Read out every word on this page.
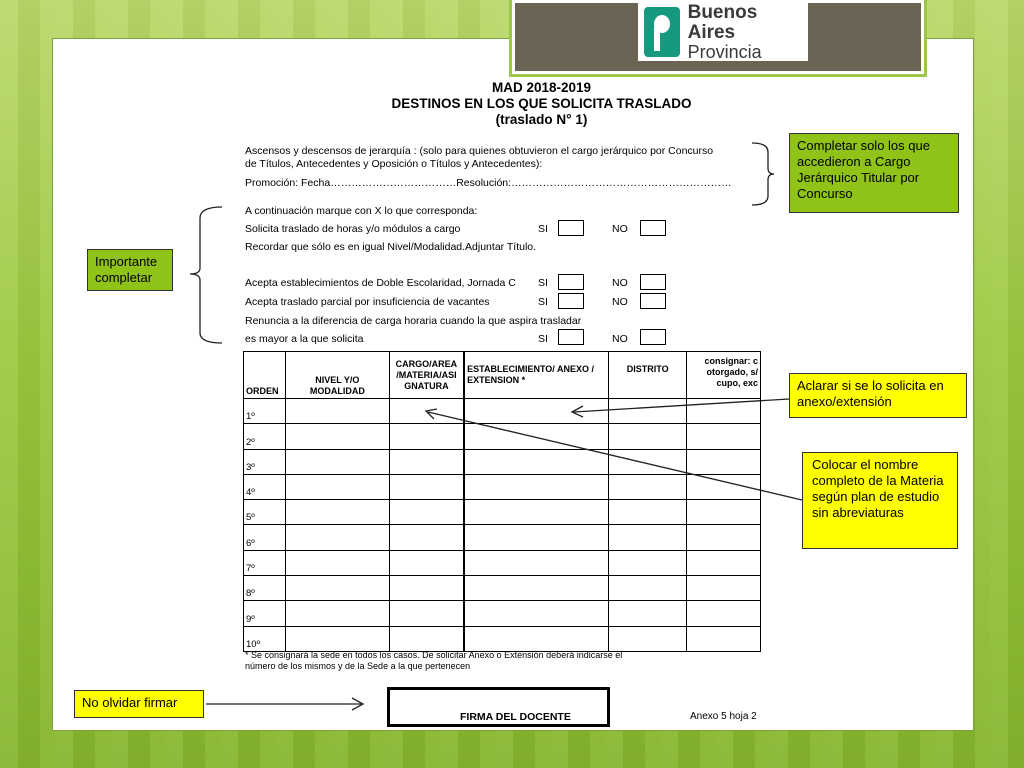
Buenos Aires
Provincia
MAD 2018-2019
DESTINOS EN LOS QUE SOLICITA TRASLADO
(traslado N° 1)
Ascensos y descensos de jerarquía : (solo para quienes obtuvieron el cargo jerárquico por Concurso
de Títulos, Antecedentes y Oposición o Títulos y Antecedentes):
Promoción: Fecha………………………………Resolución:………………………………………………………
A continuación marque con X lo que corresponda:
Solicita traslado de horas y/o módulos a cargo	SI	NO
Recordar que sólo es en igual Nivel/Modalidad.Adjuntar Título.
Acepta establecimientos de Doble Escolaridad, Jornada C SI	NO
Acepta traslado parcial por insuficiencia de vacantes	SI	NO
Renuncia a la diferencia de carga horaria cuando la que aspira trasladar
es mayor a la que solicita	SI	NO
ORDEN	NIVEL Y/O MODALIDAD	CARGO/AREA /MATERIA/ASI GNATURA	ESTABLECIMIENTO/ ANEXO / EXTENSION *	DISTRITO	consignar: c otorgado, s/ cupo, exc
1º					
2º					
3º					
4º					
5º					
6º					
7º					
8º					
9º					
10º					
* Se consignará la sede en todos los casos. De solicitar Anexo o Extensión deberá indicarse el
número de los mismos y de la Sede a la que pertenecen
FIRMA DEL DOCENTE	Anexo 5 hoja 2
Completar solo los que accedieron a Cargo Jerárquico Titular por Concurso
Importante completar
Aclarar si se lo solicita en anexo/extensión
Colocar el nombre completo de la Materia según plan de estudio sin abreviaturas
No olvidar firmar
